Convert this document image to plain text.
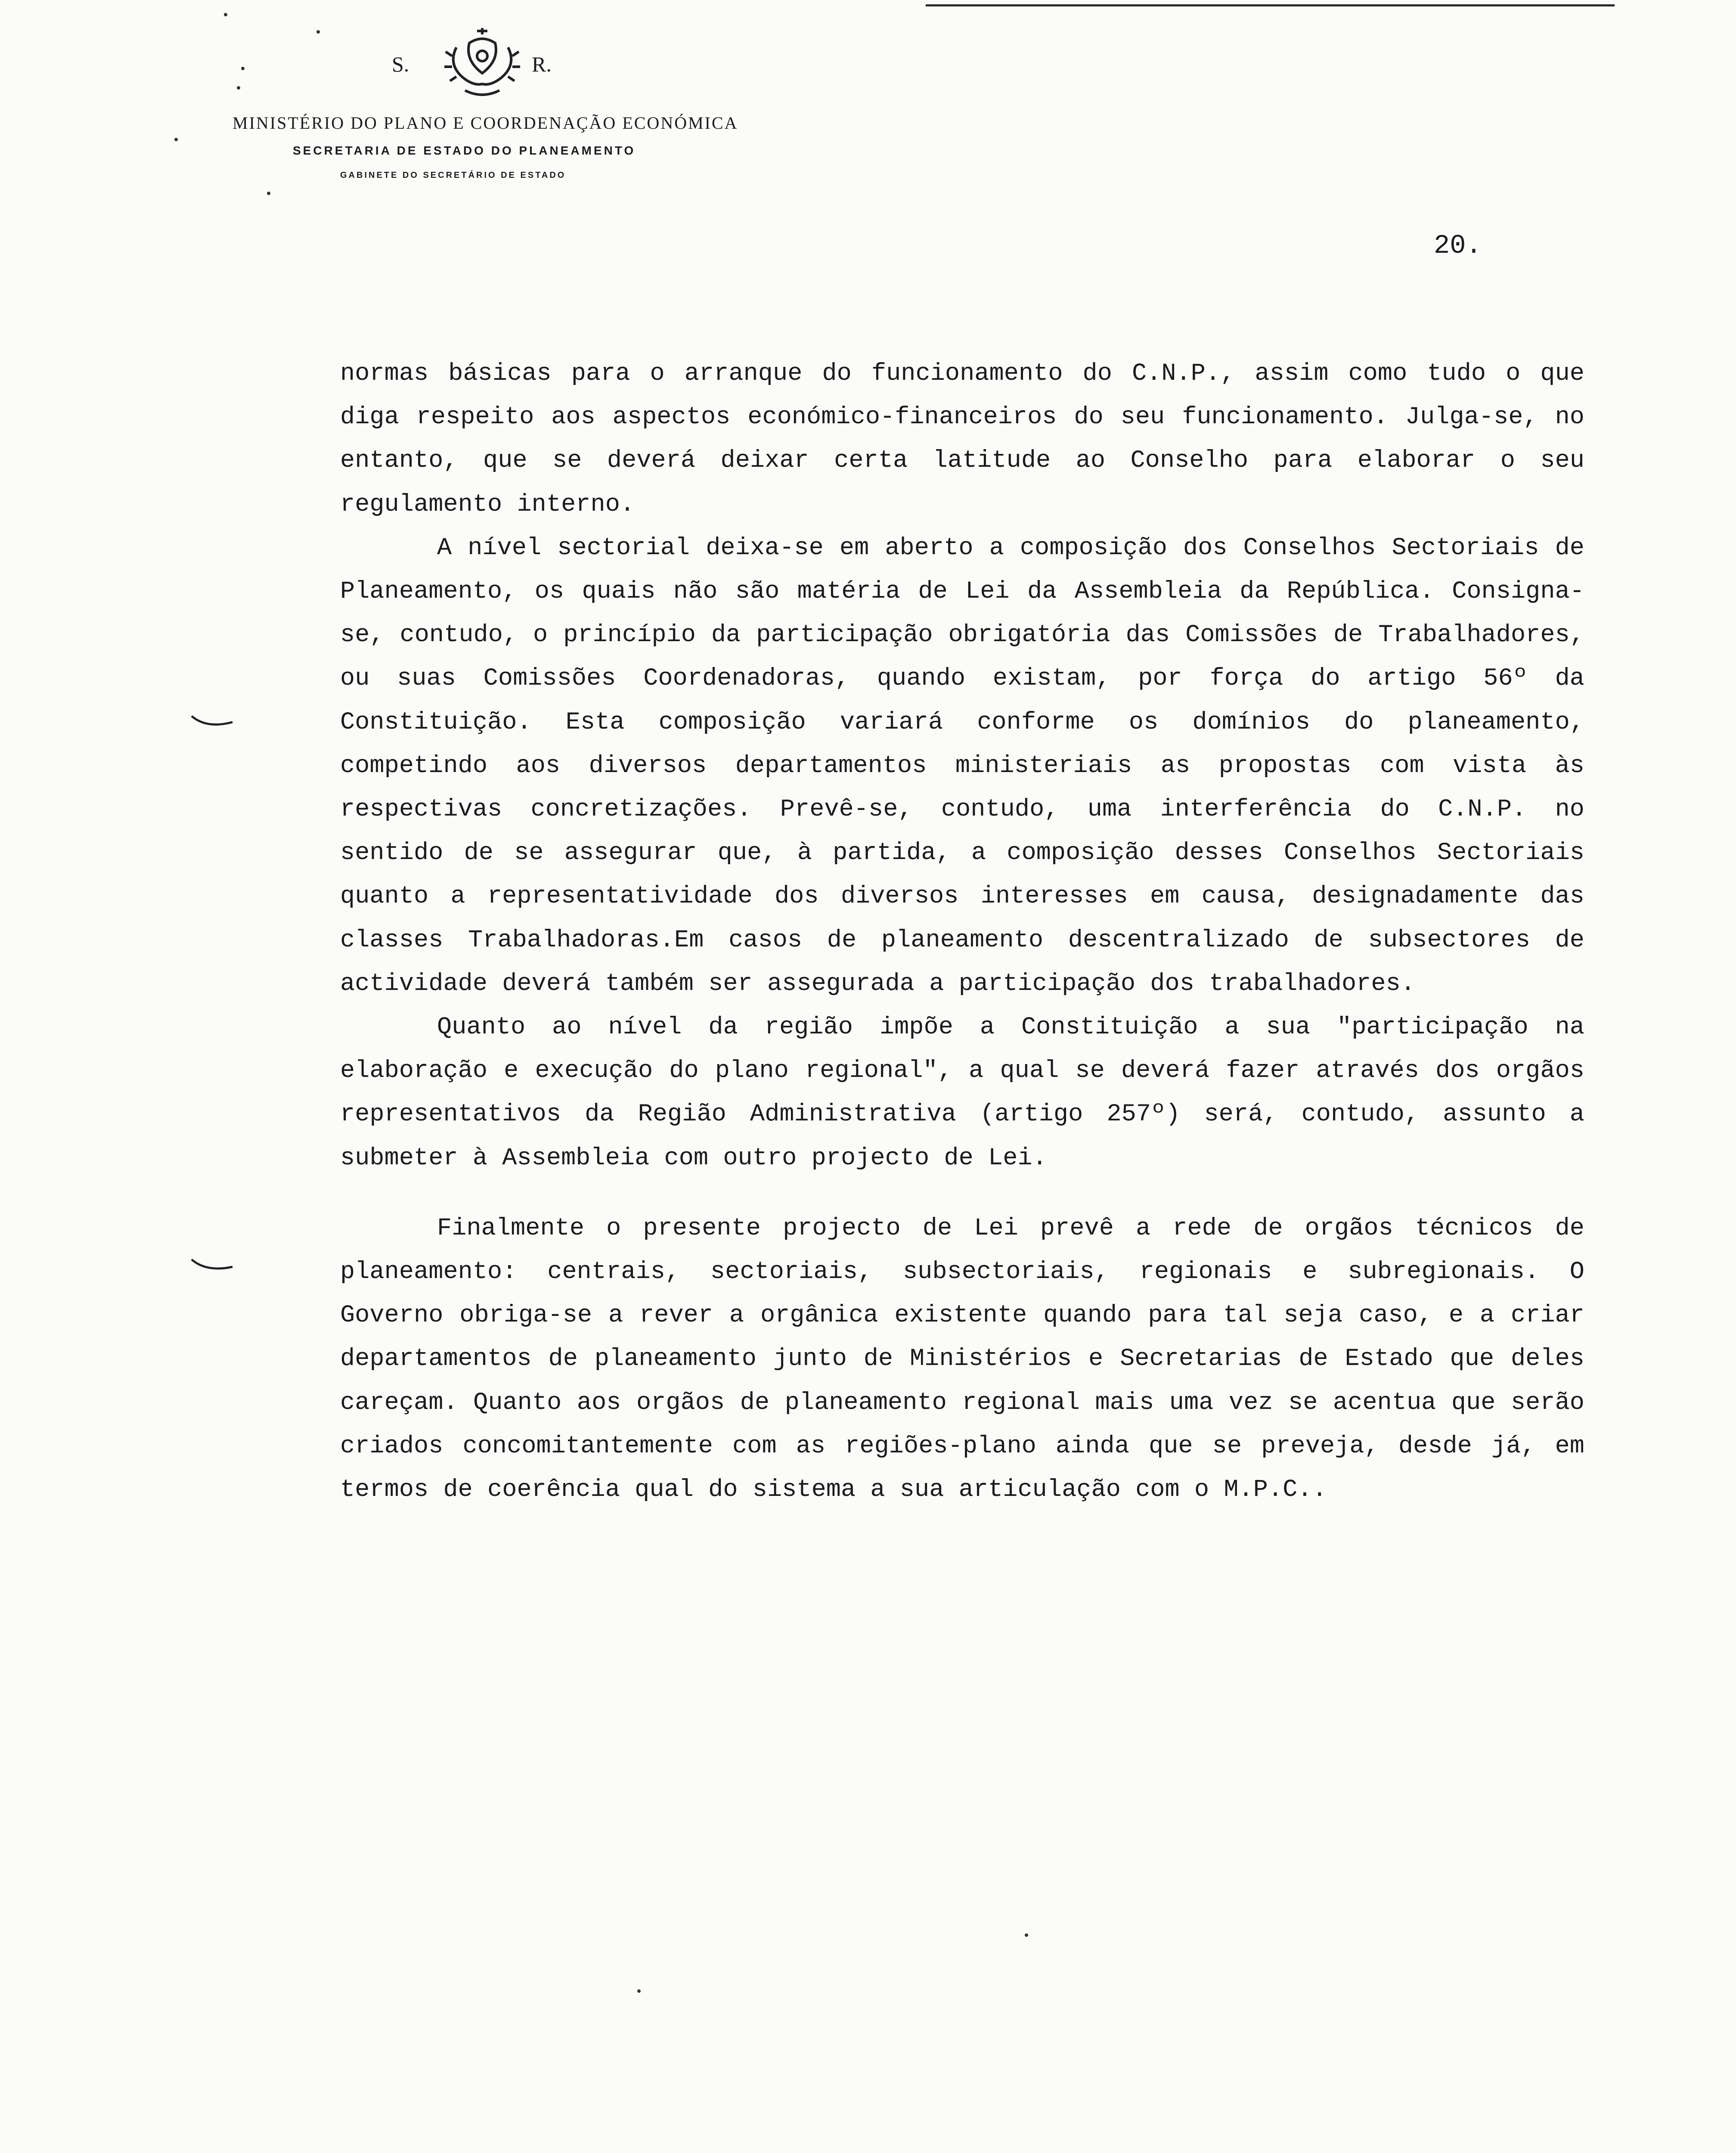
S.	R.
MINISTÉRIO DO PLANO E COORDENAÇÃO ECONÓMICA
SECRETARIA DE ESTADO DO PLANEAMENTO
GABINETE DO SECRETÁRIO DE ESTADO
20.

normas básicas para o arranque do funcionamento do C.N.P., assim como tudo o que diga respeito aos aspectos económico-financeiros do seu funcionamento. Julga-se, no entanto, que se deverá deixar certa latitude ao Conselho para elaborar o seu regulamento interno.

A nível sectorial deixa-se em aberto a composição dos Conselhos Sectoriais de Planeamento, os quais não são matéria de Lei da Assembleia da República. Consigna-se, contudo, o princípio da participação obrigatória das Comissões de Trabalhadores, ou suas Comissões Coordenadoras, quando existam, por força do artigo 56º da Constituição. Esta composição variará conforme os domínios do planeamento, competindo aos diversos departamentos ministeriais as propostas com vista às respectivas concretizações. Prevê-se, contudo, uma interferência do C.N.P. no sentido de se assegurar que, à partida, a composição desses Conselhos Sectoriais quanto a representatividade dos diversos interesses em causa, designadamente das classes Trabalhadoras.Em casos de planeamento descentralizado de subsectores de actividade deverá também ser assegurada a participação dos trabalhadores.

Quanto ao nível da região impõe a Constituição a sua "participação na elaboração e execução do plano regional", a qual se deverá fazer através dos orgãos representativos da Região Administrativa (artigo 257º) será, contudo, assunto a submeter à Assembleia com outro projecto de Lei.

Finalmente o presente projecto de Lei prevê a rede de orgãos técnicos de planeamento: centrais, sectoriais, subsectoriais, regionais e subregionais. O Governo obriga-se a rever a orgânica existente quando para tal seja caso, e a criar departamentos de planeamento junto de Ministérios e Secretarias de Estado que deles careçam. Quanto aos orgãos de planeamento regional mais uma vez se acentua que serão criados concomitantemente com as regiões-plano ainda que se preveja, desde já, em termos de coerência qual do sistema a sua articulação com o M.P.C..
